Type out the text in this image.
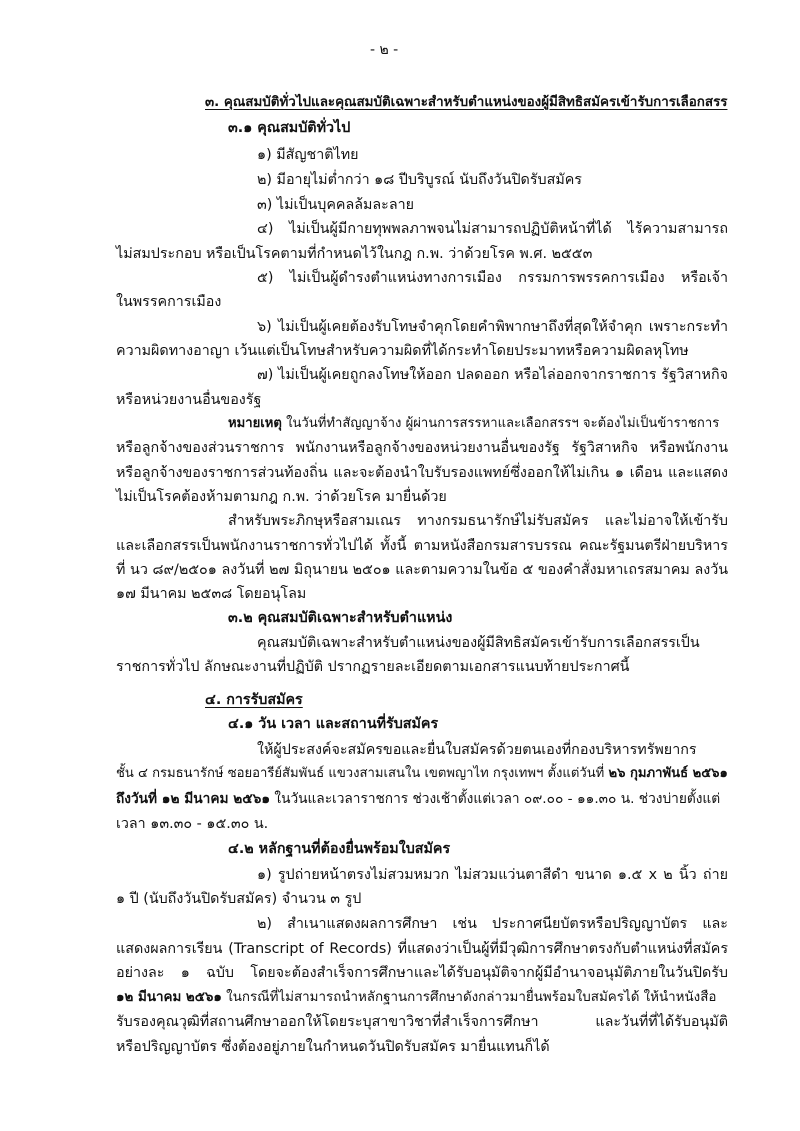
- ๒ -
๓. คุณสมบัติทั่วไปและคุณสมบัติเฉพาะสำหรับตำแหน่งของผู้มีสิทธิสมัครเข้ารับการเลือกสรร
๓.๑ คุณสมบัติทั่วไป
๑) มีสัญชาติไทย
๒) มีอายุไม่ต่ำกว่า ๑๘ ปีบริบูรณ์ นับถึงวันปิดรับสมัคร
๓) ไม่เป็นบุคคลล้มละลาย
๔) ไม่เป็นผู้มีกายทุพพลภาพจนไม่สามารถปฏิบัติหน้าที่ได้ ไร้ความสามารถ
ไม่สมประกอบ หรือเป็นโรคตามที่กำหนดไว้ในกฎ ก.พ. ว่าด้วยโรค พ.ศ. ๒๕๕๓
๕) ไม่เป็นผู้ดำรงตำแหน่งทางการเมือง กรรมการพรรคการเมือง หรือเจ้า
ในพรรคการเมือง
๖) ไม่เป็นผู้เคยต้องรับโทษจำคุกโดยคำพิพากษาถึงที่สุดให้จำคุก เพราะกระทำ
ความผิดทางอาญา เว้นแต่เป็นโทษสำหรับความผิดที่ได้กระทำโดยประมาทหรือความผิดลหุโทษ
๗) ไม่เป็นผู้เคยถูกลงโทษให้ออก ปลดออก หรือไล่ออกจากราชการ รัฐวิสาหกิจ
หรือหน่วยงานอื่นของรัฐ
หมายเหตุ ในวันที่ทำสัญญาจ้าง ผู้ผ่านการสรรหาและเลือกสรรฯ จะต้องไม่เป็นข้าราชการ
หรือลูกจ้างของส่วนราชการ พนักงานหรือลูกจ้างของหน่วยงานอื่นของรัฐ รัฐวิสาหกิจ หรือพนักงาน
หรือลูกจ้างของราชการส่วนท้องถิ่น และจะต้องนำใบรับรองแพทย์ซึ่งออกให้ไม่เกิน ๑ เดือน และแสดง
ไม่เป็นโรคต้องห้ามตามกฎ ก.พ. ว่าด้วยโรค มายื่นด้วย
สำหรับพระภิกษุหรือสามเณร ทางกรมธนารักษ์ไม่รับสมัคร และไม่อาจให้เข้ารับ
และเลือกสรรเป็นพนักงานราชการทั่วไปได้ ทั้งนี้ ตามหนังสือกรมสารบรรณ คณะรัฐมนตรีฝ่ายบริหาร
ที่ นว ๘๙/๒๕๐๑ ลงวันที่ ๒๗ มิถุนายน ๒๕๐๑ และตามความในข้อ ๕ ของคำสั่งมหาเถรสมาคม ลงวัน
๑๗ มีนาคม ๒๕๓๘ โดยอนุโลม
๓.๒ คุณสมบัติเฉพาะสำหรับตำแหน่ง
คุณสมบัติเฉพาะสำหรับตำแหน่งของผู้มีสิทธิสมัครเข้ารับการเลือกสรรเป็น
ราชการทั่วไป ลักษณะงานที่ปฏิบัติ ปรากฏรายละเอียดตามเอกสารแนบท้ายประกาศนี้
๔. การรับสมัคร
๔.๑ วัน เวลา และสถานที่รับสมัคร
ให้ผู้ประสงค์จะสมัครขอและยื่นใบสมัครด้วยตนเองที่กองบริหารทรัพยากร
ชั้น ๔ กรมธนารักษ์ ซอยอารีย์สัมพันธ์ แขวงสามเสนใน เขตพญาไท กรุงเทพฯ ตั้งแต่วันที่ ๒๖ กุมภาพันธ์ ๒๕๖๑
ถึงวันที่ ๑๒ มีนาคม ๒๕๖๑ ในวันและเวลาราชการ ช่วงเช้าตั้งแต่เวลา ๐๙.๐๐ - ๑๑.๓๐ น. ช่วงบ่ายตั้งแต่
เวลา ๑๓.๓๐ - ๑๕.๓๐ น.
๔.๒ หลักฐานที่ต้องยื่นพร้อมใบสมัคร
๑) รูปถ่ายหน้าตรงไม่สวมหมวก ไม่สวมแว่นตาสีดำ ขนาด ๑.๕ x ๒ นิ้ว ถ่าย
๑ ปี (นับถึงวันปิดรับสมัคร) จำนวน ๓ รูป
๒) สำเนาแสดงผลการศึกษา เช่น ประกาศนียบัตรหรือปริญญาบัตร และ
แสดงผลการเรียน (Transcript of Records) ที่แสดงว่าเป็นผู้ที่มีวุฒิการศึกษาตรงกับตำแหน่งที่สมัคร
อย่างละ ๑ ฉบับ โดยจะต้องสำเร็จการศึกษาและได้รับอนุมัติจากผู้มีอำนาจอนุมัติภายในวันปิดรับ
๑๒ มีนาคม ๒๕๖๑ ในกรณีที่ไม่สามารถนำหลักฐานการศึกษาดังกล่าวมายื่นพร้อมใบสมัครได้ ให้นำหนังสือ
รับรองคุณวุฒิที่สถานศึกษาออกให้โดยระบุสาขาวิชาที่สำเร็จการศึกษา และวันที่ที่ได้รับอนุมัติ
หรือปริญญาบัตร ซึ่งต้องอยู่ภายในกำหนดวันปิดรับสมัคร มายื่นแทนก็ได้
